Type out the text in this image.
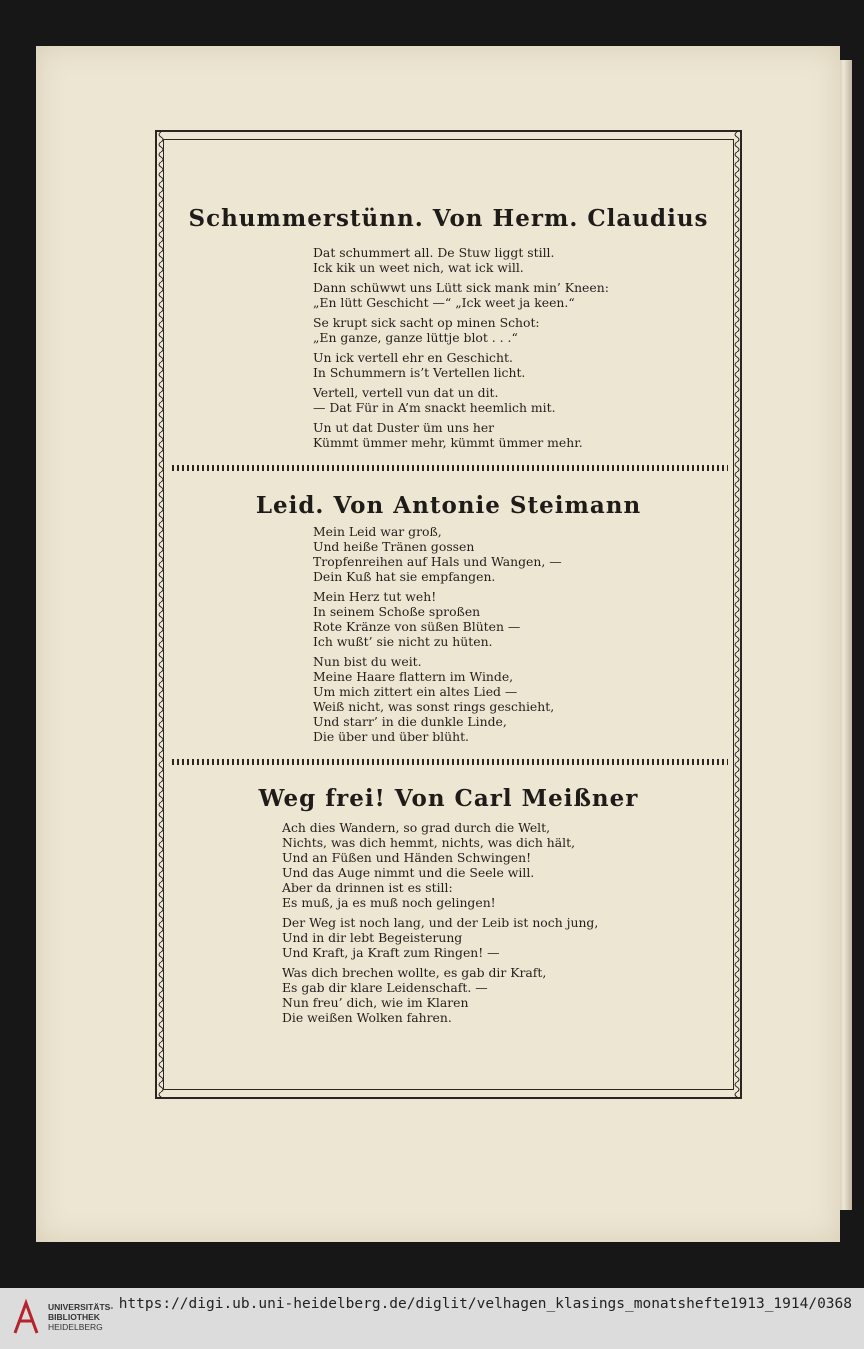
Schummerstünn. Von Herm. Claudius
Dat schummert all. De Stuw liggt still.
Ick kik un weet nich, wat ick will.
Dann schüwwt uns Lütt sick mank min’ Kneen:
„En lütt Geschicht —“ „Ick weet ja keen.“
Se krupt sick sacht op minen Schot:
„En ganze, ganze lüttje blot . . .“
Un ick vertell ehr en Geschicht.
In Schummern is’t Vertellen licht.
Vertell, vertell vun dat un dit.
— Dat Für in A’m snackt heemlich mit.
Un ut dat Duster üm uns her
Kümmt ümmer mehr, kümmt ümmer mehr.
Leid. Von Antonie Steimann
Mein Leid war groß,
Und heiße Tränen gossen
Tropfenreihen auf Hals und Wangen, —
Dein Kuß hat sie empfangen.
Mein Herz tut weh!
In seinem Schoße sproßen
Rote Kränze von süßen Blüten —
Ich wußt’ sie nicht zu hüten.
Nun bist du weit.
Meine Haare flattern im Winde,
Um mich zittert ein altes Lied —
Weiß nicht, was sonst rings geschieht,
Und starr’ in die dunkle Linde,
Die über und über blüht.
Weg frei! Von Carl Meißner
Ach dies Wandern, so grad durch die Welt,
Nichts, was dich hemmt, nichts, was dich hält,
Und an Füßen und Händen Schwingen!
Und das Auge nimmt und die Seele will.
Aber da drinnen ist es still:
Es muß, ja es muß noch gelingen!
Der Weg ist noch lang, und der Leib ist noch jung,
Und in dir lebt Begeisterung
Und Kraft, ja Kraft zum Ringen! —
Was dich brechen wollte, es gab dir Kraft,
Es gab dir klare Leidenschaft. —
Nun freu’ dich, wie im Klaren
Die weißen Wolken fahren.
UNIVERSITÄTS-
BIBLIOTHEK
HEIDELBERG
https://digi.ub.uni-heidelberg.de/diglit/velhagen_klasings_monatshefte1913_1914/0368
